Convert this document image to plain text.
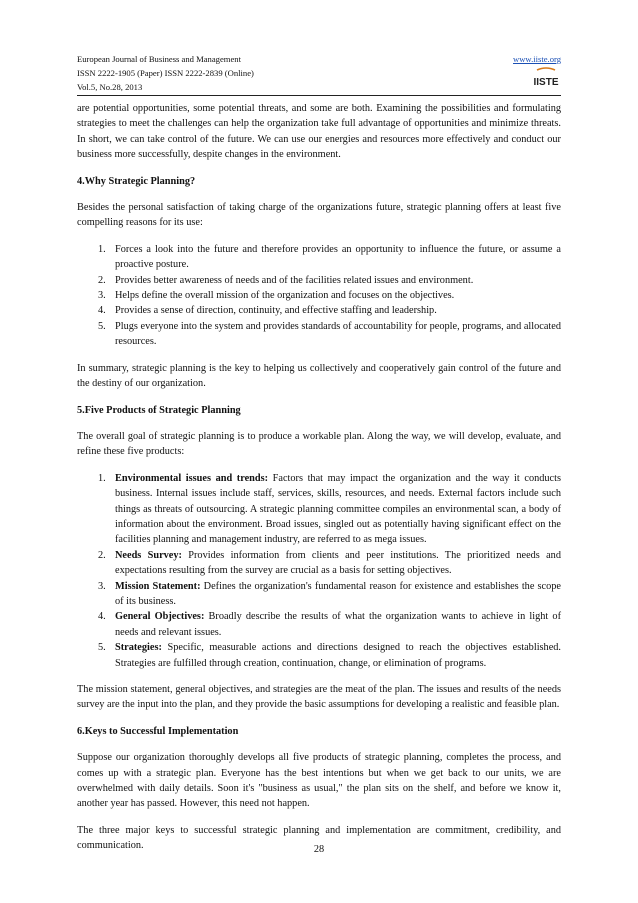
European Journal of Business and Management	www.iiste.org
ISSN 2222-1905 (Paper) ISSN 2222-2839 (Online)
Vol.5, No.28, 2013	IISTE

are potential opportunities, some potential threats, and some are both. Examining the possibilities and formulating strategies to meet the challenges can help the organization take full advantage of opportunities and minimize threats. In short, we can take control of the future. We can use our energies and resources more effectively and conduct our business more successfully, despite changes in the environment.

4.Why Strategic Planning?

Besides the personal satisfaction of taking charge of the organizations future, strategic planning offers at least five compelling reasons for its use:

1. Forces a look into the future and therefore provides an opportunity to influence the future, or assume a proactive posture.
2. Provides better awareness of needs and of the facilities related issues and environment.
3. Helps define the overall mission of the organization and focuses on the objectives.
4. Provides a sense of direction, continuity, and effective staffing and leadership.
5. Plugs everyone into the system and provides standards of accountability for people, programs, and allocated resources.

In summary, strategic planning is the key to helping us collectively and cooperatively gain control of the future and the destiny of our organization.

5.Five Products of Strategic Planning

The overall goal of strategic planning is to produce a workable plan. Along the way, we will develop, evaluate, and refine these five products:

1. Environmental issues and trends: Factors that may impact the organization and the way it conducts business. Internal issues include staff, services, skills, resources, and needs. External factors include such things as threats of outsourcing. A strategic planning committee compiles an environmental scan, a body of information about the environment. Broad issues, singled out as potentially having significant effect on the facilities planning and management industry, are referred to as mega issues.
2. Needs Survey: Provides information from clients and peer institutions. The prioritized needs and expectations resulting from the survey are crucial as a basis for setting objectives.
3. Mission Statement: Defines the organization's fundamental reason for existence and establishes the scope of its business.
4. General Objectives: Broadly describe the results of what the organization wants to achieve in light of needs and relevant issues.
5. Strategies: Specific, measurable actions and directions designed to reach the objectives established. Strategies are fulfilled through creation, continuation, change, or elimination of programs.

The mission statement, general objectives, and strategies are the meat of the plan. The issues and results of the needs survey are the input into the plan, and they provide the basic assumptions for developing a realistic and feasible plan.

6.Keys to Successful Implementation

Suppose our organization thoroughly develops all five products of strategic planning, completes the process, and comes up with a strategic plan. Everyone has the best intentions but when we get back to our units, we are overwhelmed with daily details. Soon it's "business as usual," the plan sits on the shelf, and before we know it, another year has passed. However, this need not happen.

The three major keys to successful strategic planning and implementation are commitment, credibility, and communication.	28
